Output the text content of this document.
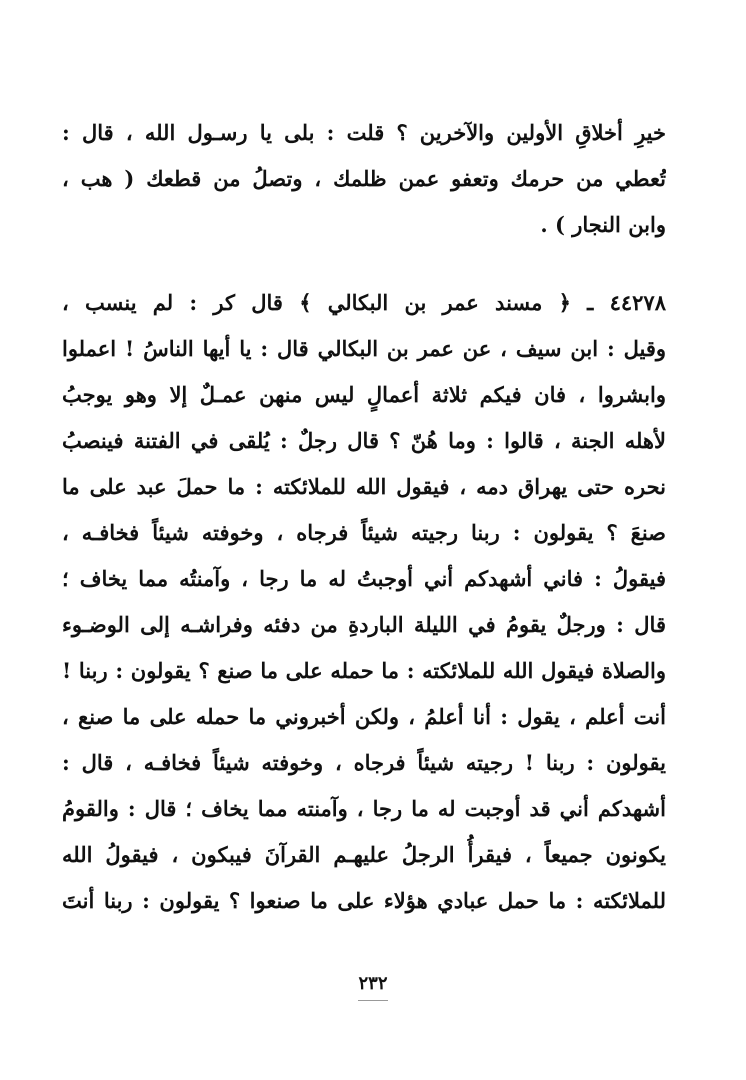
خيرِ أخلاقِ الأولين والآخرين ؟ قلت : بلى يا رسـول الله ، قال :
تُعطي من حرمك وتعفو عمن ظلمك ، وتصلُ من قطعك ( هب ،
وابن النجار ) .
٤٤٢٧٨ ـ ﴿ مسند عمر بن البكالي ﴾ قال كر : لم ينسب ،
وقيل : ابن سيف ، عن عمر بن البكالي قال : يا أيها الناسُ ! اعملوا
وابشروا ، فان فيكم ثلاثة أعمالٍ ليس منهن عمـلٌ إلا وهو يوجبُ
لأهله الجنة ، قالوا : وما هُنّ ؟ قال رجلٌ : يُلقى في الفتنة فينصبُ
نحره حتى يهراق دمه ، فيقول الله للملائكته : ما حملَ عبد على ما
صنعَ ؟ يقولون : ربنا رجيته شيئاً فرجاه ، وخوفته شيئاً فخافـه ،
فيقولُ : فاني أشهدكم أني أوجبتُ له ما رجا ، وآمنتُه مما يخاف ؛
قال : ورجلٌ يقومُ في الليلة الباردةِ من دفئه وفراشـه إلى الوضـوء
والصلاة فيقول الله للملائكته : ما حمله على ما صنع ؟ يقولون : ربنا !
أنت أعلم ، يقول : أنا أعلمُ ، ولكن أخبروني ما حمله على ما صنع ،
يقولون : ربنا ! رجيته شيئاً فرجاه ، وخوفته شيئاً فخافـه ، قال :
أشهدكم أني قد أوجبت له ما رجا ، وآمنته مما يخاف ؛ قال : والقومُ
يكونون جميعاً ، فيقرأُ الرجلُ عليهـم القرآنَ فيبكون ، فيقولُ الله
للملائكته : ما حمل عبادي هؤلاء على ما صنعوا ؟ يقولون : ربنا أنتَ
٢٣٢
